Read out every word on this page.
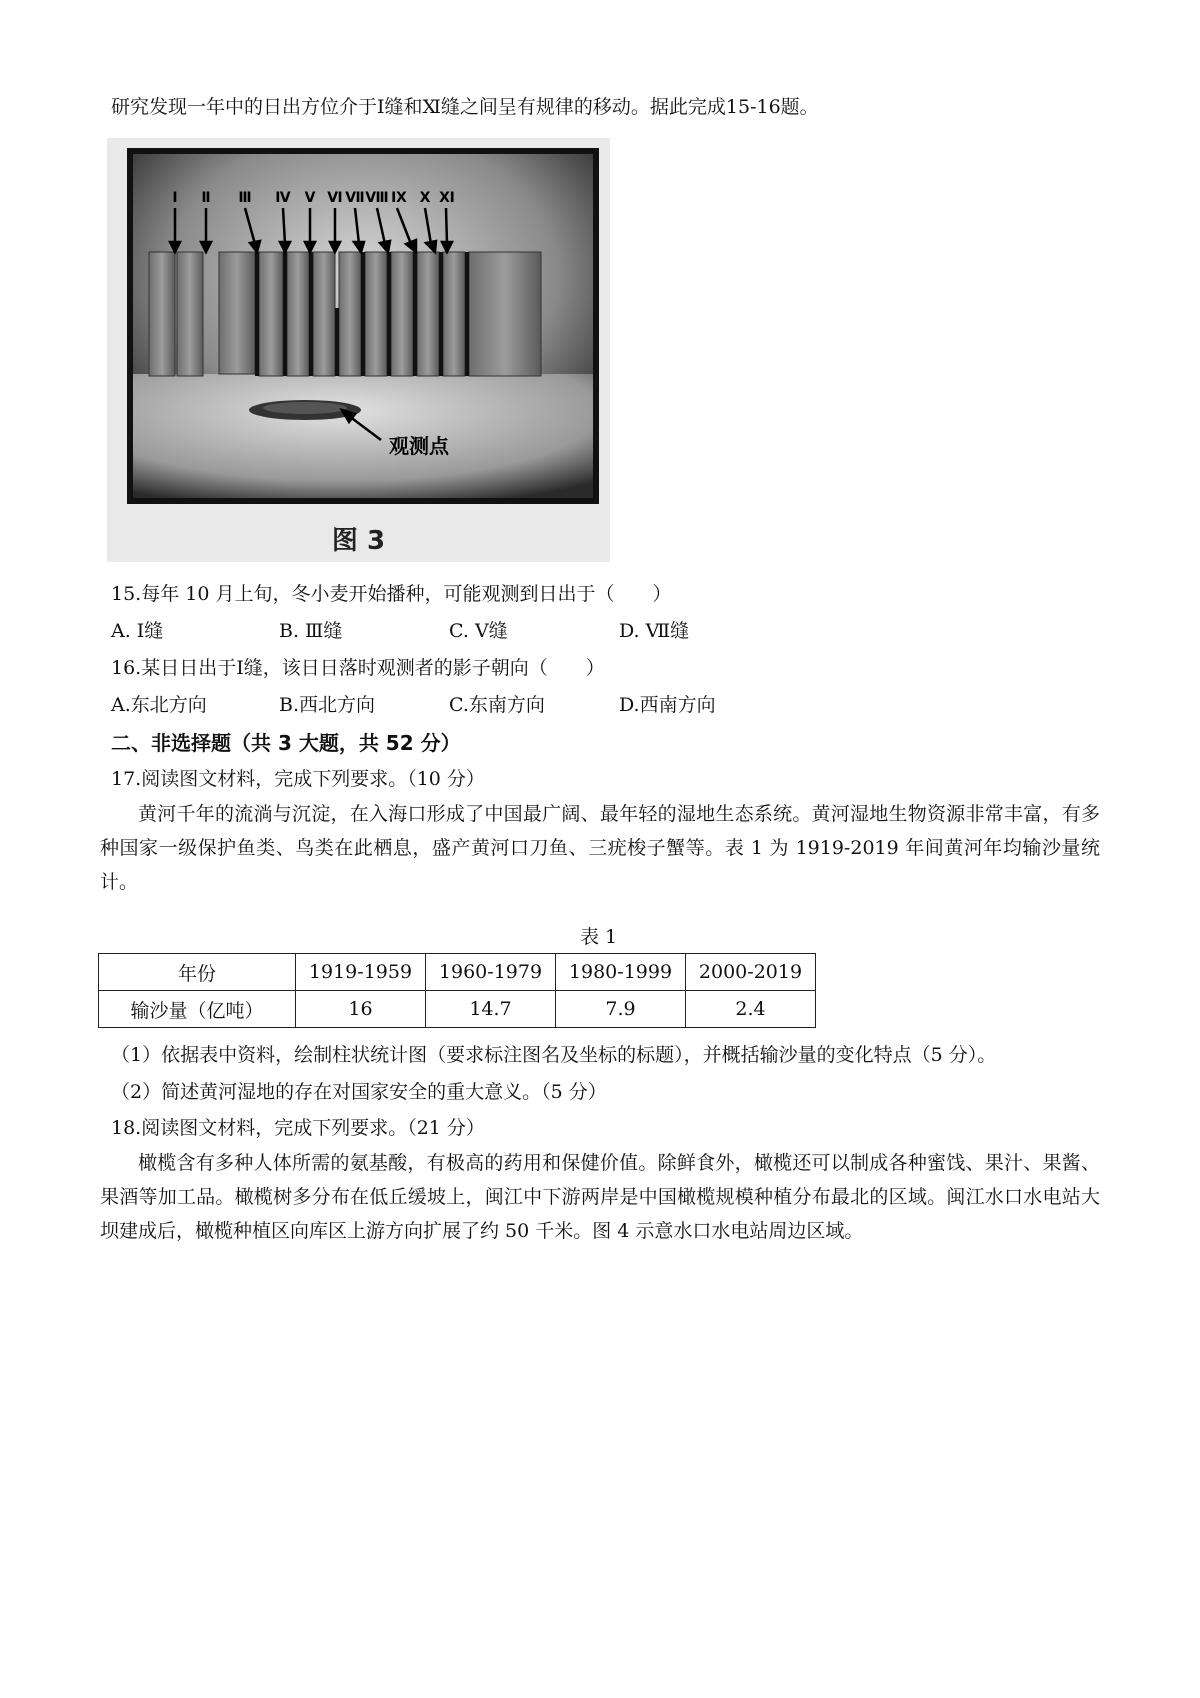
研究发现一年中的日出方位介于Ⅰ缝和Ⅺ缝之间呈有规律的移动。据此完成15-16题。
Ⅰ Ⅱ Ⅲ Ⅳ Ⅴ Ⅵ Ⅶ Ⅷ Ⅸ Ⅹ Ⅺ
观测点
图 3
15.每年 10 月上旬，冬小麦开始播种，可能观测到日出于（　　）
A. Ⅰ缝	B. Ⅲ缝	C. Ⅴ缝	D. Ⅶ缝
16.某日日出于Ⅰ缝，该日日落时观测者的影子朝向（　　）
A.东北方向	B.西北方向	C.东南方向	D.西南方向
二、非选择题（共 3 大题，共 52 分）
17.阅读图文材料，完成下列要求。（10 分）

黄河千年的流淌与沉淀，在入海口形成了中国最广阔、最年轻的湿地生态系统。黄河湿地生物资源非常丰富，有多种国家一级保护鱼类、鸟类在此栖息，盛产黄河口刀鱼、三疣梭子蟹等。表 1 为 1919-2019 年间黄河年均输沙量统计。

表 1
年份	1919-1959	1960-1979	1980-1999	2000-2019
输沙量（亿吨）	16	14.7	7.9	2.4
（1）依据表中资料，绘制柱状统计图（要求标注图名及坐标的标题），并概括输沙量的变化特点（5 分）。
（2）简述黄河湿地的存在对国家安全的重大意义。（5 分）
18.阅读图文材料，完成下列要求。（21 分）

橄榄含有多种人体所需的氨基酸，有极高的药用和保健价值。除鲜食外，橄榄还可以制成各种蜜饯、果汁、果酱、果酒等加工品。橄榄树多分布在低丘缓坡上，闽江中下游两岸是中国橄榄规模种植分布最北的区域。闽江水口水电站大坝建成后，橄榄种植区向库区上游方向扩展了约 50 千米。图 4 示意水口水电站周边区域。
